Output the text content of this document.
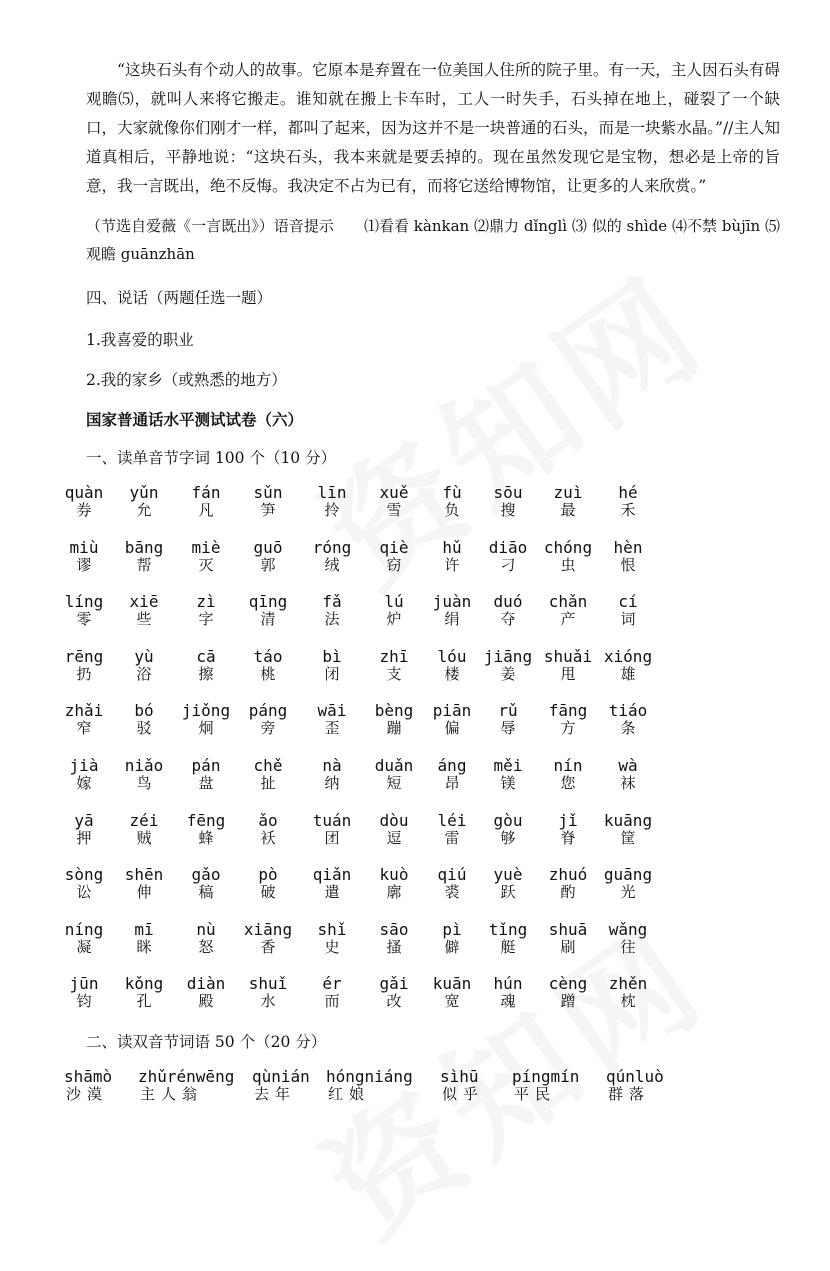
“这块石头有个动人的故事。它原本是弃置在一位美国人住所的院子里。有一天，主人因石头有碍观瞻⑸，就叫人来将它搬走。谁知就在搬上卡车时，工人一时失手，石头掉在地上，碰裂了一个缺口，大家就像你们刚才一样，都叫了起来，因为这并不是一块普通的石头，而是一块紫水晶。”//主人知道真相后，平静地说：“这块石头，我本来就是要丢掉的。现在虽然发现它是宝物，想必是上帝的旨意，我一言既出，绝不反悔。我决定不占为已有，而将它送给博物馆，让更多的人来欣赏。”

（节选自爱薇《一言既出》）语音提示　　⑴看看 kànkan ⑵鼎力 dǐnglì ⑶ 似的 shìde ⑷不禁 bùjīn ⑸观瞻 guānzhān
四、说话（两题任选一题）
1.我喜爱的职业
2.我的家乡（或熟悉的地方）
国家普通话水平测试试卷（六）
一、读单音节字词 100 个（10 分）
quàn
券
yǔn
允
fán
凡
sǔn
笋
līn
拎
xuě
雪
fù
负
sōu
搜
zuì
最
hé
禾
miù
谬
bāng
帮
miè
灭
guō
郭
róng
绒
qiè
窃
hǔ
许
diāo
刁
chóng
虫
hèn
恨
líng
零
xiē
些
zì
字
qīng
清
fǎ
法
lú
炉
juàn
绢
duó
夺
chǎn
产
cí
词
rēng
扔
yù
浴
cā
擦
táo
桃
bì
闭
zhī
支
lóu
楼
jiāng
姜
shuǎi
甩
xióng
雄
zhǎi
窄
bó
驳
jiǒng
炯
páng
旁
wāi
歪
bèng
蹦
piān
偏
rǔ
辱
fāng
方
tiáo
条
jià
嫁
niǎo
鸟
pán
盘
chě
扯
nà
纳
duǎn
短
áng
昂
měi
镁
nín
您
wà
袜
yā
押
zéi
贼
fēng
蜂
ǎo
袄
tuán
团
dòu
逗
léi
雷
gòu
够
jǐ
脊
kuāng
筐
sòng
讼
shēn
伸
gǎo
稿
pò
破
qiǎn
遣
kuò
廓
qiú
裘
yuè
跃
zhuó
酌
guāng
光
níng
凝
mī
眯
nù
怒
xiāng
香
shǐ
史
sāo
搔
pì
僻
tǐng
艇
shuā
刷
wǎng
往
jūn
钧
kǒng
孔
diàn
殿
shuǐ
水
ér
而
gǎi
改
kuān
宽
hún
魂
cèng
蹭
zhěn
枕
二、读双音节词语 50 个（20 分）
shāmò
沙漠
zhǔrénwēng
主人翁
qùnián
去年
hóngniáng
红娘
sìhū
似乎
píngmín
平民
qúnluò
群落
